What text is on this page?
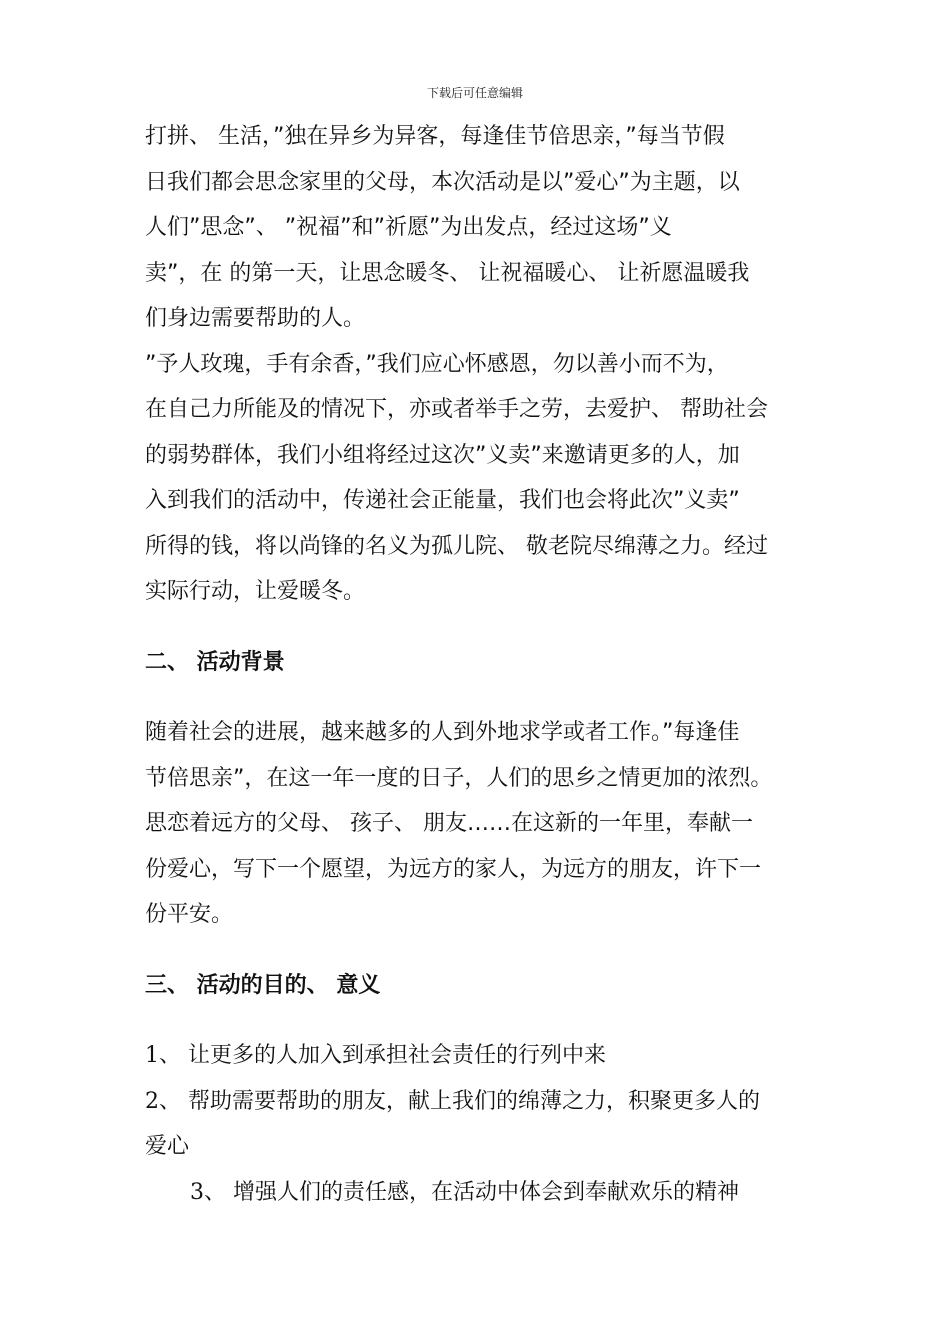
下载后可任意编辑

打拼、 生活，”独在异乡为异客，每逢佳节倍思亲，”每当节假

日我们都会思念家里的父母，本次活动是以”爱心”为主题，以

人们”思念”、 ”祝福”和”祈愿”为出发点，经过这场”义

卖”，在 的第一天，让思念暖冬、 让祝福暖心、 让祈愿温暖我

们身边需要帮助的人。

”予人玫瑰，手有余香，”我们应心怀感恩，勿以善小而不为，

在自己力所能及的情况下，亦或者举手之劳，去爱护、 帮助社会

的弱势群体，我们小组将经过这次”义卖”来邀请更多的人，加

入到我们的活动中，传递社会正能量，我们也会将此次”义卖”

所得的钱，将以尚锋的名义为孤儿院、 敬老院尽绵薄之力。经过

实际行动，让爱暖冬。

二、 活动背景

随着社会的进展，越来越多的人到外地求学或者工作。”每逢佳

节倍思亲”，在这一年一度的日子，人们的思乡之情更加的浓烈。

思恋着远方的父母、 孩子、 朋友……在这新的一年里，奉献一

份爱心，写下一个愿望，为远方的家人，为远方的朋友，许下一

份平安。

三、 活动的目的、 意义

1、 让更多的人加入到承担社会责任的行列中来

2、 帮助需要帮助的朋友，献上我们的绵薄之力，积聚更多人的

爱心

3、 增强人们的责任感，在活动中体会到奉献欢乐的精神
